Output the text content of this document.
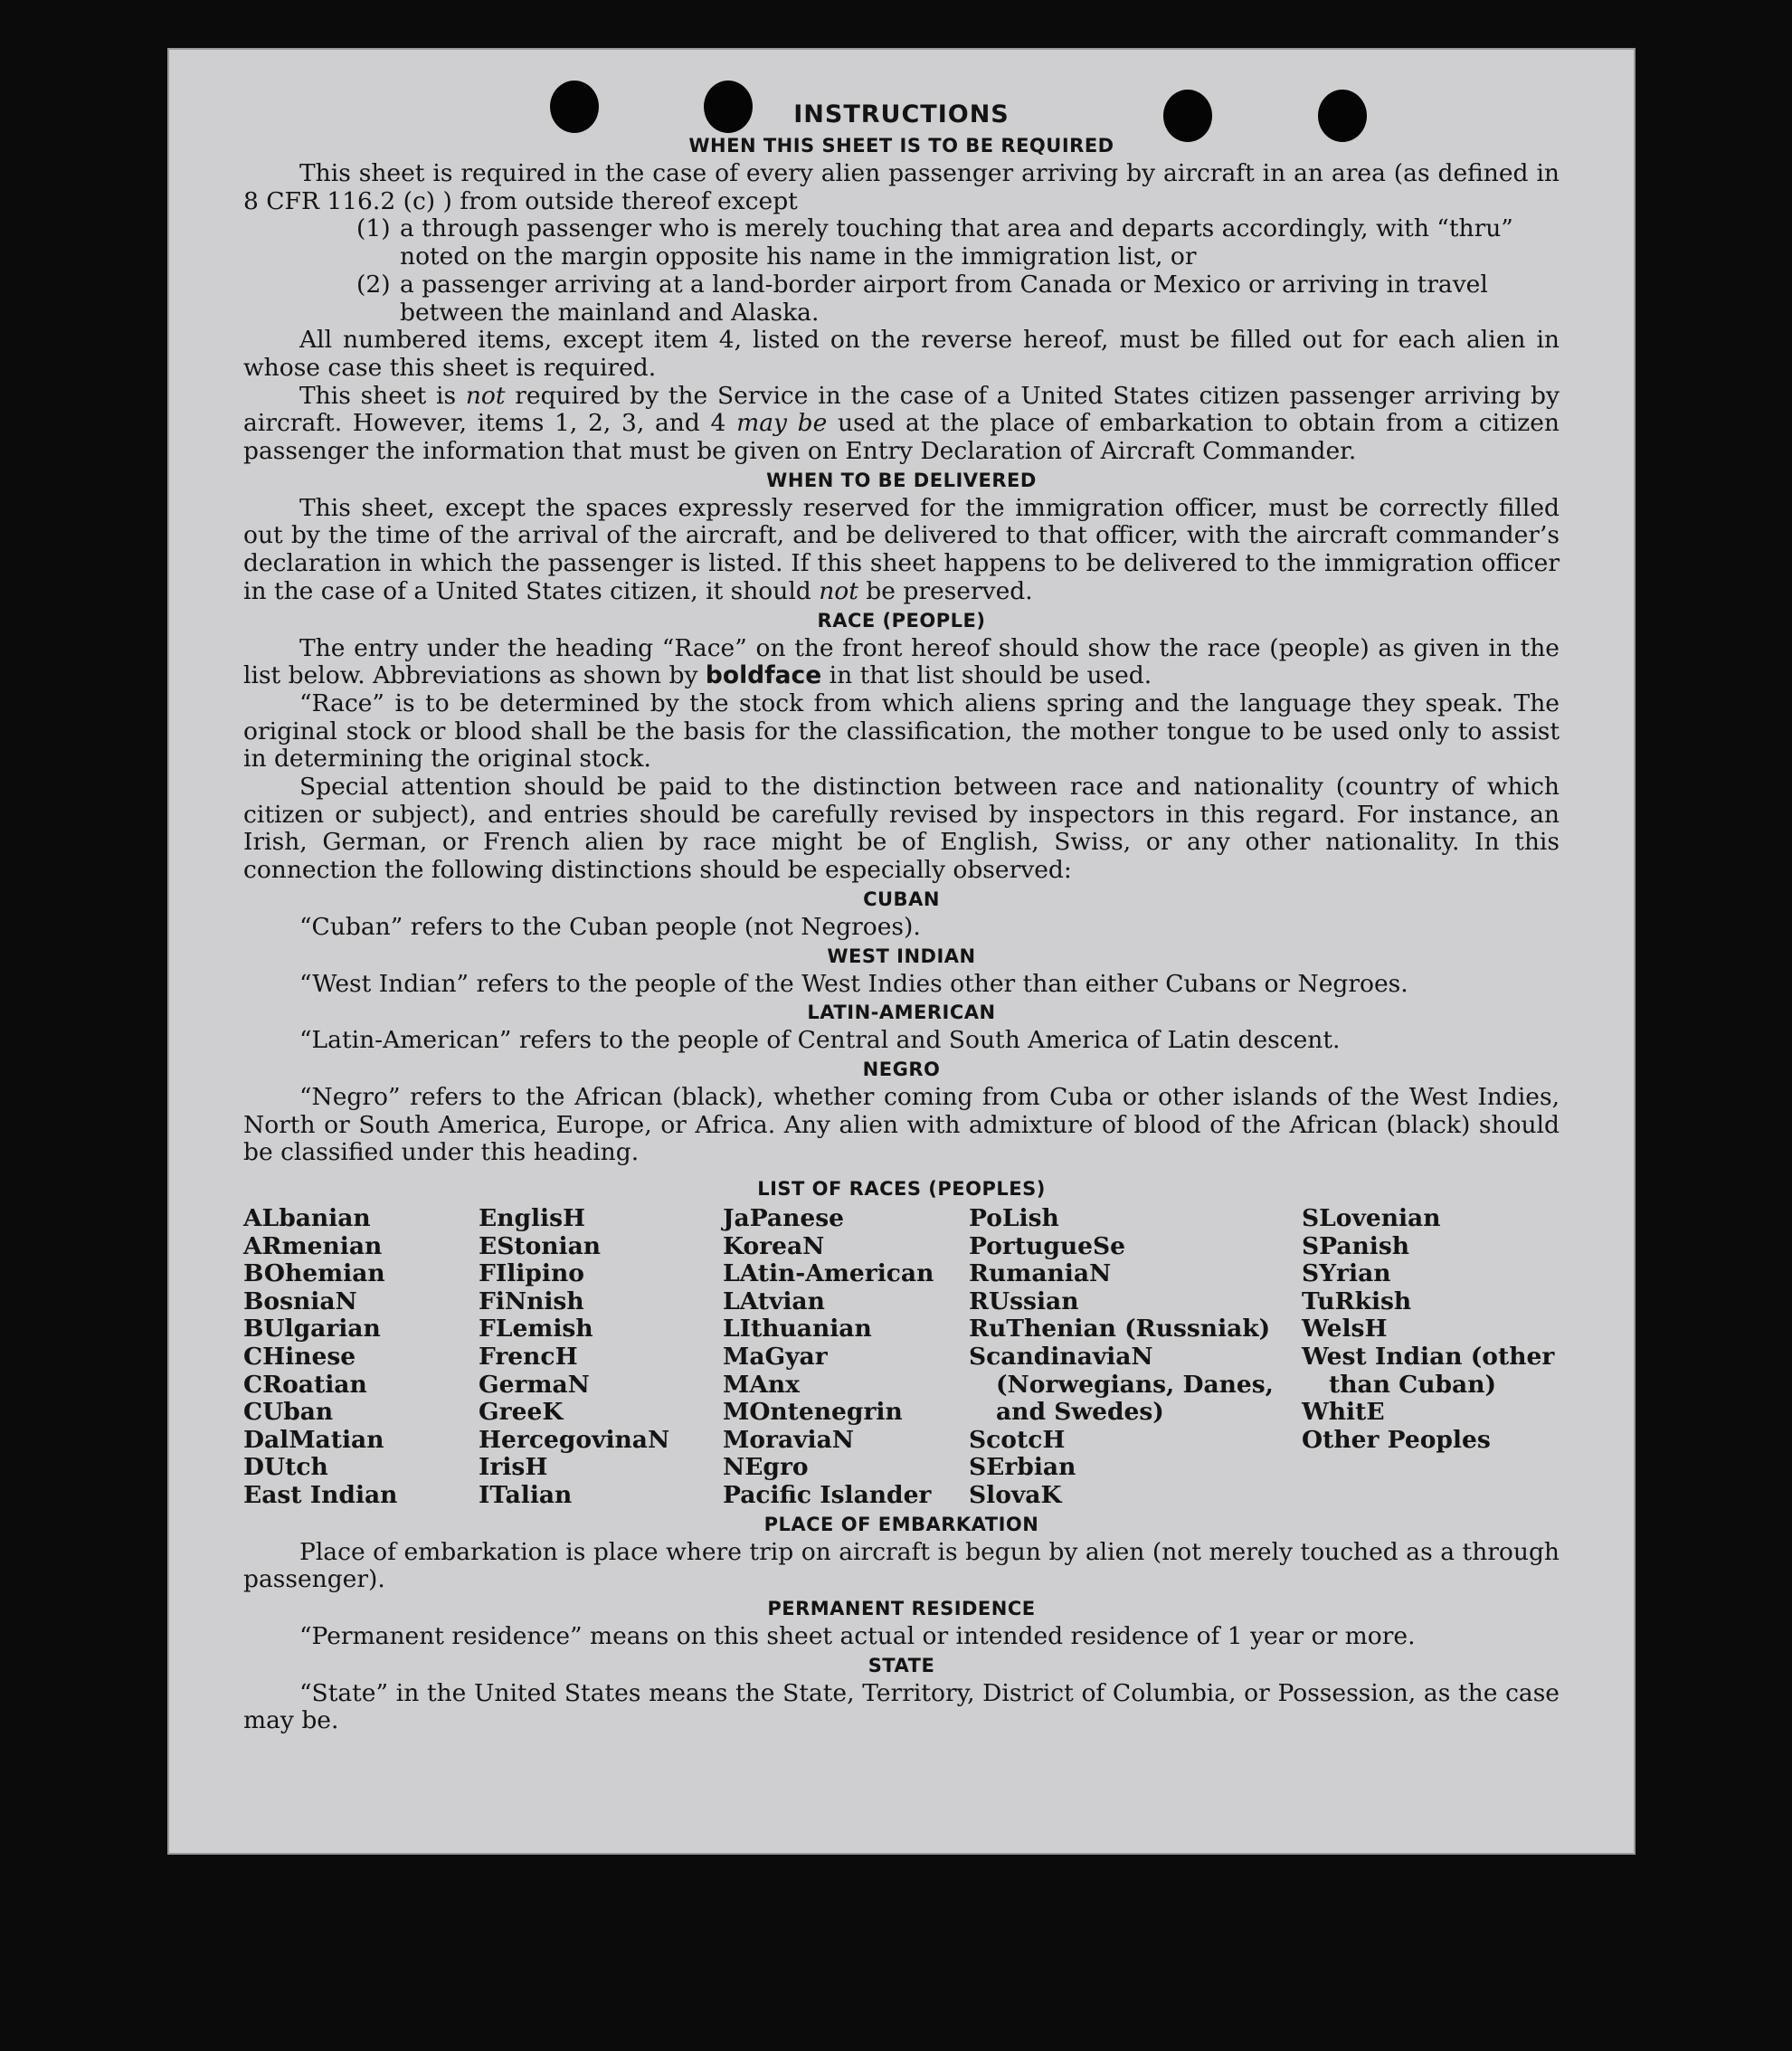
INSTRUCTIONS
WHEN THIS SHEET IS TO BE REQUIRED

This sheet is required in the case of every alien passenger arriving by aircraft in an area (as defined in 8 CFR 116.2 (c) ) from outside thereof except

(1) a through passenger who is merely touching that area and departs accordingly, with “thru” noted on the margin opposite his name in the immigration list, or
(2) a passenger arriving at a land-border airport from Canada or Mexico or arriving in travel between the mainland and Alaska.

All numbered items, except item 4, listed on the reverse hereof, must be filled out for each alien in whose case this sheet is required.

This sheet is not required by the Service in the case of a United States citizen passenger arriving by aircraft. However, items 1, 2, 3, and 4 may be used at the place of embarkation to obtain from a citizen passenger the information that must be given on Entry Declaration of Aircraft Commander.

WHEN TO BE DELIVERED

This sheet, except the spaces expressly reserved for the immigration officer, must be correctly filled out by the time of the arrival of the aircraft, and be delivered to that officer, with the aircraft commander’s declaration in which the passenger is listed. If this sheet happens to be delivered to the immigration officer in the case of a United States citizen, it should not be preserved.

RACE (PEOPLE)

The entry under the heading “Race” on the front hereof should show the race (people) as given in the list below. Abbreviations as shown by boldface in that list should be used.

“Race” is to be determined by the stock from which aliens spring and the language they speak. The original stock or blood shall be the basis for the classification, the mother tongue to be used only to assist in determining the original stock.

Special attention should be paid to the distinction between race and nationality (country of which citizen or subject), and entries should be carefully revised by inspectors in this regard. For instance, an Irish, German, or French alien by race might be of English, Swiss, or any other nationality. In this connection the following distinctions should be especially observed:

CUBAN

“Cuban” refers to the Cuban people (not Negroes).

WEST INDIAN

“West Indian” refers to the people of the West Indies other than either Cubans or Negroes.

LATIN-AMERICAN

“Latin-American” refers to the people of Central and South America of Latin descent.

NEGRO

“Negro” refers to the African (black), whether coming from Cuba or other islands of the West Indies, North or South America, Europe, or Africa. Any alien with admixture of blood of the African (black) should be classified under this heading.

LIST OF RACES (PEOPLES)
ALbanian
ARmenian
BOhemian
BosniaN
BUlgarian
CHinese
CRoatian
CUban
DalMatian
DUtch
East Indian
EnglisH
EStonian
FIlipino
FiNnish
FLemish
FrencH
GermaN
GreeK
HercegovinaN
IrisH
ITalian
JaPanese
KoreaN
LAtin-American
LAtvian
LIthuanian
MaGyar
MAnx
MOntenegrin
MoraviaN
NEgro
Pacific Islander
PoLish
PortugueSe
RumaniaN
RUssian
RuThenian (Russniak)
ScandinaviaN (Norwegians, Danes, and Swedes)
ScotcH
SErbian
SlovaK
SLovenian
SPanish
SYrian
TuRkish
WelsH
West Indian (other than Cuban)
WhitE
Other Peoples
PLACE OF EMBARKATION

Place of embarkation is place where trip on aircraft is begun by alien (not merely touched as a through passenger).

PERMANENT RESIDENCE

“Permanent residence” means on this sheet actual or intended residence of 1 year or more.

STATE

“State” in the United States means the State, Territory, District of Columbia, or Possession, as the case may be.
